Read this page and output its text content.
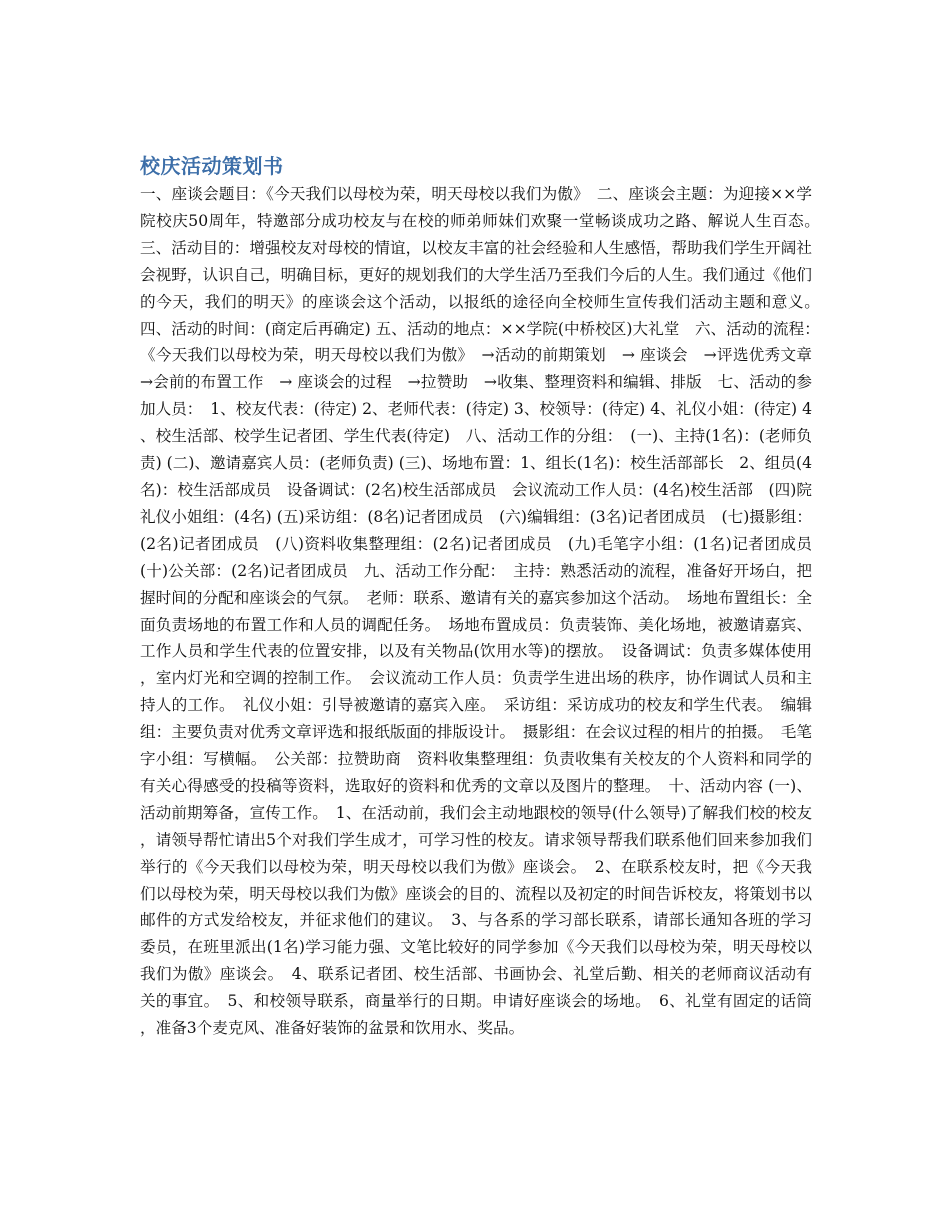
校庆活动策划书

一、座谈会题目：《今天我们以母校为荣，明天母校以我们为傲》　二、座谈会主题：为迎接××学院校庆50周年，特邀部分成功校友与在校的师弟师妹们欢聚一堂畅谈成功之路、解说人生百态。　三、活动目的：增强校友对母校的情谊，以校友丰富的社会经验和人生感悟，帮助我们学生开阔社会视野，认识自己，明确目标，更好的规划我们的大学生活乃至我们今后的人生。我们通过《他们的今天，我们的明天》的座谈会这个活动，以报纸的途径向全校师生宣传我们活动主题和意义。　四、活动的时间：(商定后再确定) 五、活动的地点：××学院(中桥校区)大礼堂　六、活动的流程：　《今天我们以母校为荣，明天母校以我们为傲》　→活动的前期策划　→ 座谈会　→评选优秀文章　→会前的布置工作　→ 座谈会的过程　→拉赞助　→收集、整理资料和编辑、排版　七、活动的参加人员：　1、校友代表：(待定) 2、老师代表：(待定) 3、校领导：(待定) 4、礼仪小姐：(待定) 4、校生活部、校学生记者团、学生代表(待定)　八、活动工作的分组：　(一)、主持(1名)：(老师负责) (二)、邀请嘉宾人员：(老师负责) (三)、场地布置：1、组长(1名)：校生活部部长　2、组员(4名)：校生活部成员　设备调试：(2名)校生活部成员　会议流动工作人员：(4名)校生活部　(四)院礼仪小姐组：(4名) (五)采访组：(8名)记者团成员　(六)编辑组：(3名)记者团成员　(七)摄影组：(2名)记者团成员　(八)资料收集整理组：(2名)记者团成员　(九)毛笔字小组：(1名)记者团成员　(十)公关部：(2名)记者团成员　九、活动工作分配：　主持：熟悉活动的流程，准备好开场白，把握时间的分配和座谈会的气氛。　老师：联系、邀请有关的嘉宾参加这个活动。　场地布置组长：全面负责场地的布置工作和人员的调配任务。　场地布置成员：负责装饰、美化场地，被邀请嘉宾、工作人员和学生代表的位置安排，以及有关物品(饮用水等)的摆放。　设备调试：负责多媒体使用，室内灯光和空调的控制工作。　会议流动工作人员：负责学生进出场的秩序，协作调试人员和主持人的工作。　礼仪小姐：引导被邀请的嘉宾入座。　采访组：采访成功的校友和学生代表。　编辑组：主要负责对优秀文章评选和报纸版面的排版设计。　摄影组：在会议过程的相片的拍摄。　毛笔字小组：写横幅。　公关部：拉赞助商　资料收集整理组：负责收集有关校友的个人资料和同学的有关心得感受的投稿等资料，选取好的资料和优秀的文章以及图片的整理。　十、活动内容 (一)、活动前期筹备，宣传工作。　1、在活动前，我们会主动地跟校的领导(什么领导)了解我们校的校友，请领导帮忙请出5个对我们学生成才，可学习性的校友。请求领导帮我们联系他们回来参加我们举行的《今天我们以母校为荣，明天母校以我们为傲》座谈会。　2、在联系校友时，把《今天我们以母校为荣，明天母校以我们为傲》座谈会的目的、流程以及初定的时间告诉校友，将策划书以邮件的方式发给校友，并征求他们的建议。　3、与各系的学习部长联系，请部长通知各班的学习委员，在班里派出(1名)学习能力强、文笔比较好的同学参加《今天我们以母校为荣，明天母校以我们为傲》座谈会。　4、联系记者团、校生活部、书画协会、礼堂后勤、相关的老师商议活动有关的事宜。　5、和校领导联系，商量举行的日期。申请好座谈会的场地。　6、礼堂有固定的话筒，准备3个麦克风、准备好装饰的盆景和饮用水、奖品。
